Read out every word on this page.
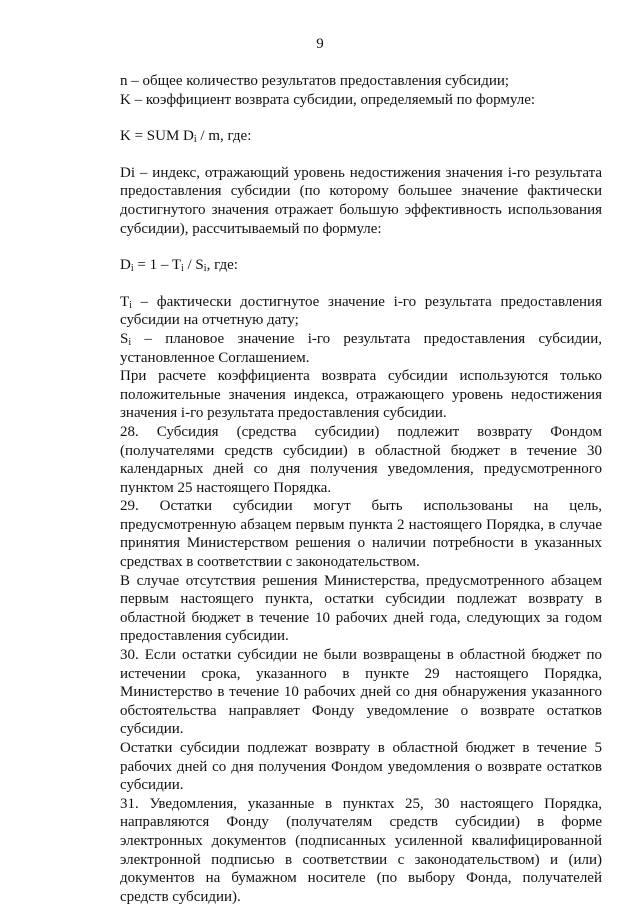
9

n – общее количество результатов предоставления субсидии;

K – коэффициент возврата субсидии, определяемый по формуле:

K = SUM $D_i$ / m, где:

Di – индекс, отражающий уровень недостижения значения i-го результата предоставления субсидии (по которому большее значение фактически достигнутого значения отражает большую эффективность использования субсидии), рассчитываемый по формуле:

$D_i = 1 - T_i / S_i$, где:

$T_i$ – фактически достигнутое значение i-го результата предоставления субсидии на отчетную дату;

$S_i$ – плановое значение i-го результата предоставления субсидии, установленное Соглашением.

При расчете коэффициента возврата субсидии используются только положительные значения индекса, отражающего уровень недостижения значения i-го результата предоставления субсидии.

28. Субсидия (средства субсидии) подлежит возврату Фондом (получателями средств субсидии) в областной бюджет в течение 30 календарных дней со дня получения уведомления, предусмотренного пунктом 25 настоящего Порядка.

29. Остатки субсидии могут быть использованы на цель, предусмотренную абзацем первым пункта 2 настоящего Порядка, в случае принятия Министерством решения о наличии потребности в указанных средствах в соответствии с законодательством.

В случае отсутствия решения Министерства, предусмотренного абзацем первым настоящего пункта, остатки субсидии подлежат возврату в областной бюджет в течение 10 рабочих дней года, следующих за годом предоставления субсидии.

30. Если остатки субсидии не были возвращены в областной бюджет по истечении срока, указанного в пункте 29 настоящего Порядка, Министерство в течение 10 рабочих дней со дня обнаружения указанного обстоятельства направляет Фонду уведомление о возврате остатков субсидии.

Остатки субсидии подлежат возврату в областной бюджет в течение 5 рабочих дней со дня получения Фондом уведомления о возврате остатков субсидии.

31. Уведомления, указанные в пунктах 25, 30 настоящего Порядка, направляются Фонду (получателям средств субсидии) в форме электронных документов (подписанных усиленной квалифицированной электронной подписью в соответствии с законодательством) и (или) документов на бумажном носителе (по выбору Фонда, получателей средств субсидии).
